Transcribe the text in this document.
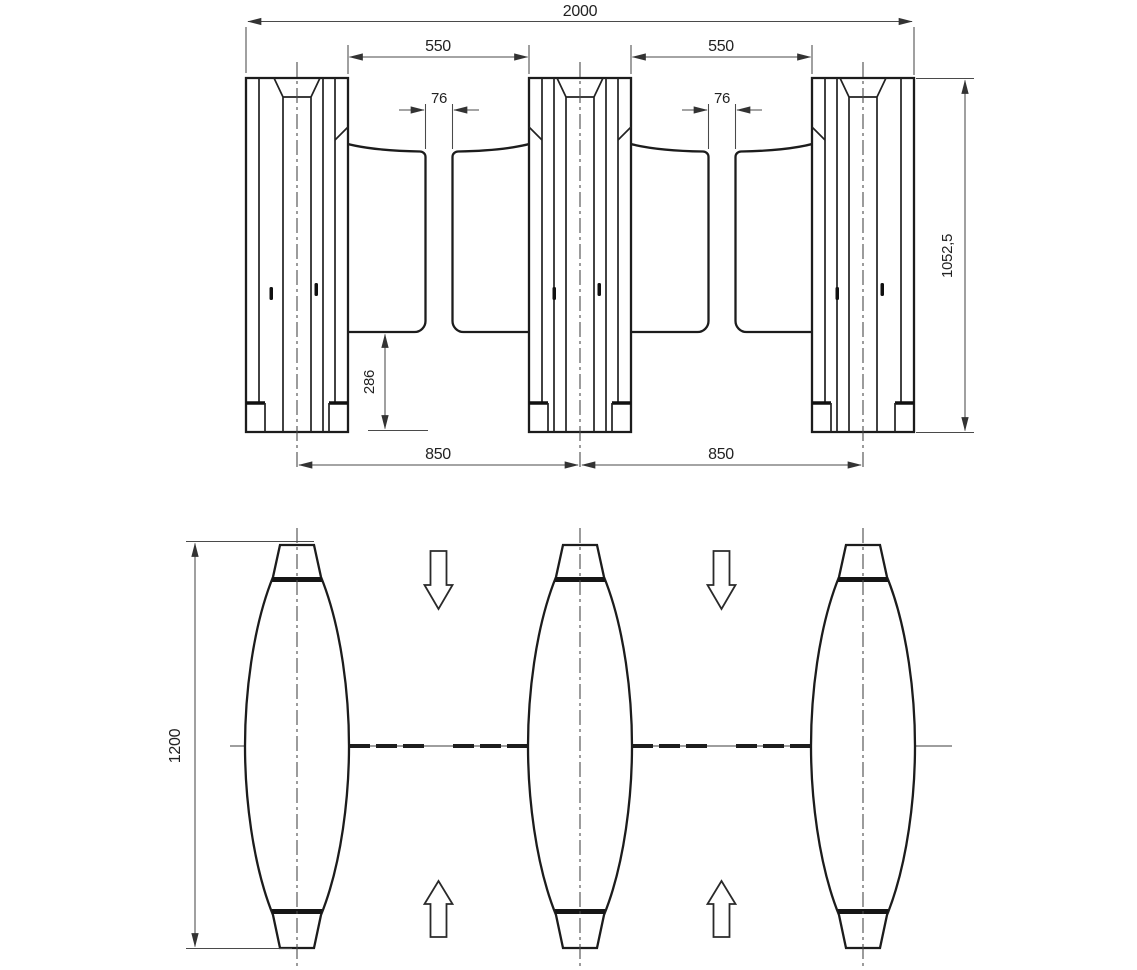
2000
550	550
76	76
286
850	850
1052,5
1200
